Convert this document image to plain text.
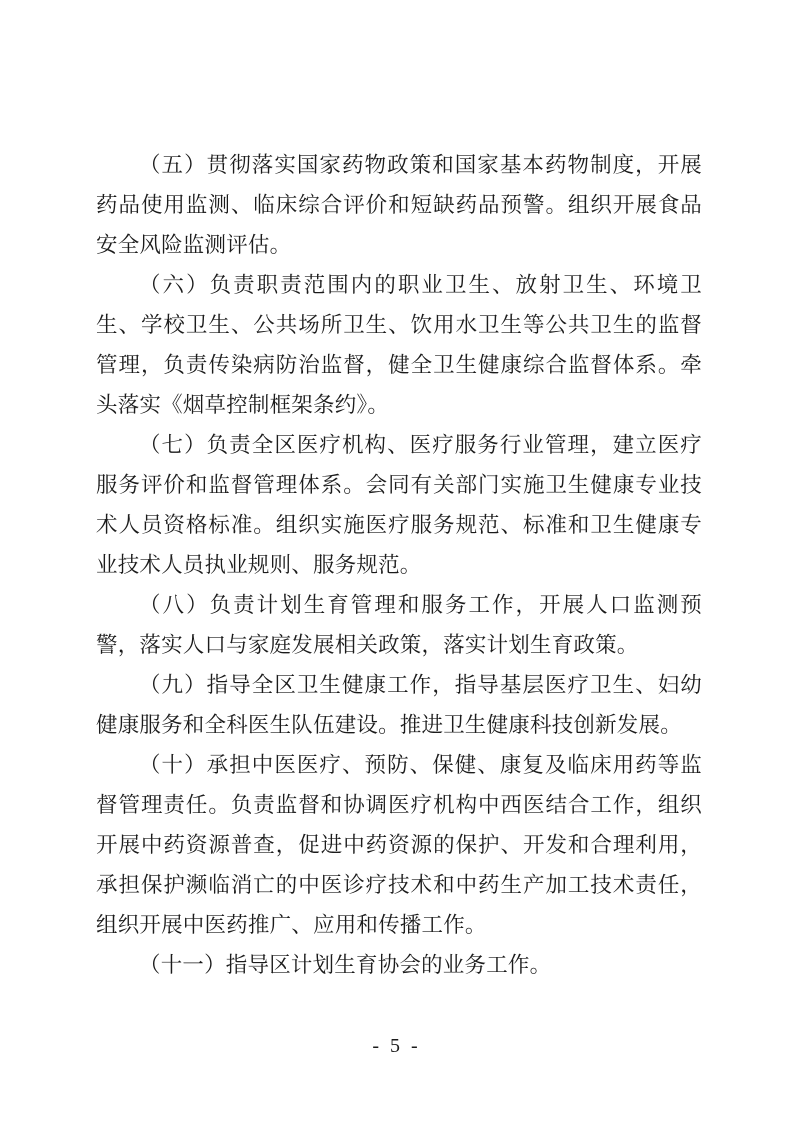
（五）贯彻落实国家药物政策和国家基本药物制度，开展药品使用监测、临床综合评价和短缺药品预警。组织开展食品安全风险监测评估。

（六）负责职责范围内的职业卫生、放射卫生、环境卫生、学校卫生、公共场所卫生、饮用水卫生等公共卫生的监督管理，负责传染病防治监督，健全卫生健康综合监督体系。牵头落实《烟草控制框架条约》。

（七）负责全区医疗机构、医疗服务行业管理，建立医疗服务评价和监督管理体系。会同有关部门实施卫生健康专业技术人员资格标准。组织实施医疗服务规范、标准和卫生健康专业技术人员执业规则、服务规范。

（八）负责计划生育管理和服务工作，开展人口监测预警，落实人口与家庭发展相关政策，落实计划生育政策。

（九）指导全区卫生健康工作，指导基层医疗卫生、妇幼健康服务和全科医生队伍建设。推进卫生健康科技创新发展。

（十）承担中医医疗、预防、保健、康复及临床用药等监督管理责任。负责监督和协调医疗机构中西医结合工作，组织开展中药资源普查，促进中药资源的保护、开发和合理利用，承担保护濒临消亡的中医诊疗技术和中药生产加工技术责任，组织开展中医药推广、应用和传播工作。

（十一）指导区计划生育协会的业务工作。

- 5 -
